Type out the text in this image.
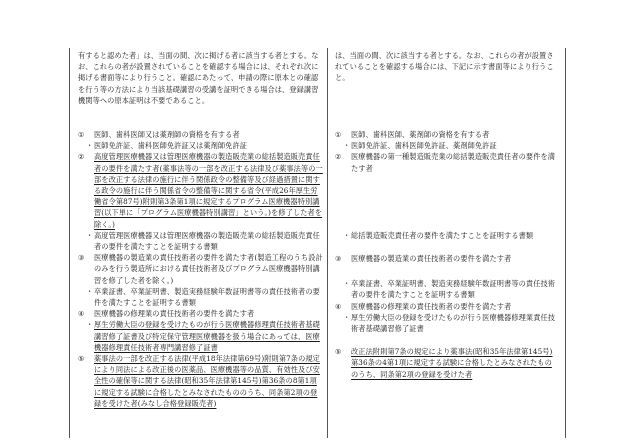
有すると認めた者」は、当面の間、次に掲げる者に該当する者とする。なお、これらの者が設置されていることを確認する場合には、それぞれ次に掲げる書面等により行うこと。確認にあたって、申請の際に原本との確認を行う等の方法により当該基礎講習の受講を証明できる場合は、登録講習機関等への原本証明は不要であること。

①	医師、歯科医師又は薬剤師の資格を有する者
・ 医師免許証、歯科医師免許証又は薬剤師免許証
②	高度管理医療機器又は管理医療機器の製造販売業の総括製造販売責任者の要件を満たす者(薬事法等の一部を改正する法律及び薬事法等の一部を改正する法律の施行に伴う関係政令の整備等及び経過措置に関する政令の施行に伴う関係省令の整備等に関する省令(平成26年厚生労働省令第87号)附則第3条第1項に規定するプログラム医療機器特別講習(以下単に「プログラム医療機器特別講習」という。)を修了した者を除く。)
・ 高度管理医療機器又は管理医療機器の製造販売業の総括製造販売責任者の要件を満たすことを証明する書類
③	医療機器の製造業の責任技術者の要件を満たす者(製造工程のうち設計のみを行う製造所における責任技術者及びプログラム医療機器特別講習を修了した者を除く。)
・ 卒業証書、卒業証明書、製造実務経験年数証明書等の責任技術者の要件を満たすことを証明する書類
④	医療機器の修理業の責任技術者の要件を満たす者
・ 厚生労働大臣の登録を受けたものが行う医療機器修理責任技術者基礎講習修了証書及び特定保守管理医療機器を扱う場合にあっては、医療機器修理責任技術者専門講習修了証書
⑤	薬事法の一部を改正する法律(平成18年法律第69号)附則第7条の規定により同法による改正後の医薬品、医療機器等の品質、有効性及び安全性の確保等に関する法律(昭和35年法律第145号)第36条の8第1項に規定する試験に合格したとみなされたもののうち、同条第2項の登録を受けた者(みなし合格登録販売者)

は、当面の間、次に該当する者とする。なお、これらの者が設置されていることを確認する場合には、下記に示す書面等により行うこと。

①	医師、歯科医師、薬剤師の資格を有する者
・ 医師免許証、歯科医師免許証、薬剤師免許証
②	医療機器の第一種製造販売業の総括製造販売責任者の要件を満たす者
・ 総括製造販売責任者の要件を満たすことを証明する書類
③	医療機器の製造業の責任技術者の要件を満たす者
・ 卒業証書、卒業証明書、製造実務経験年数証明書等の責任技術者の要件を満たすことを証明する書類
④	医療機器の修理業の責任技術者の要件を満たす者
・ 厚生労働大臣の登録を受けたものが行う医療機器修理業責任技術者基礎講習修了証書
⑤	改正法附則第7条の規定により薬事法(昭和35年法律第145号)第36条の4第1項に規定する試験に合格したとみなされたもののうち、同条第2項の登録を受けた者
